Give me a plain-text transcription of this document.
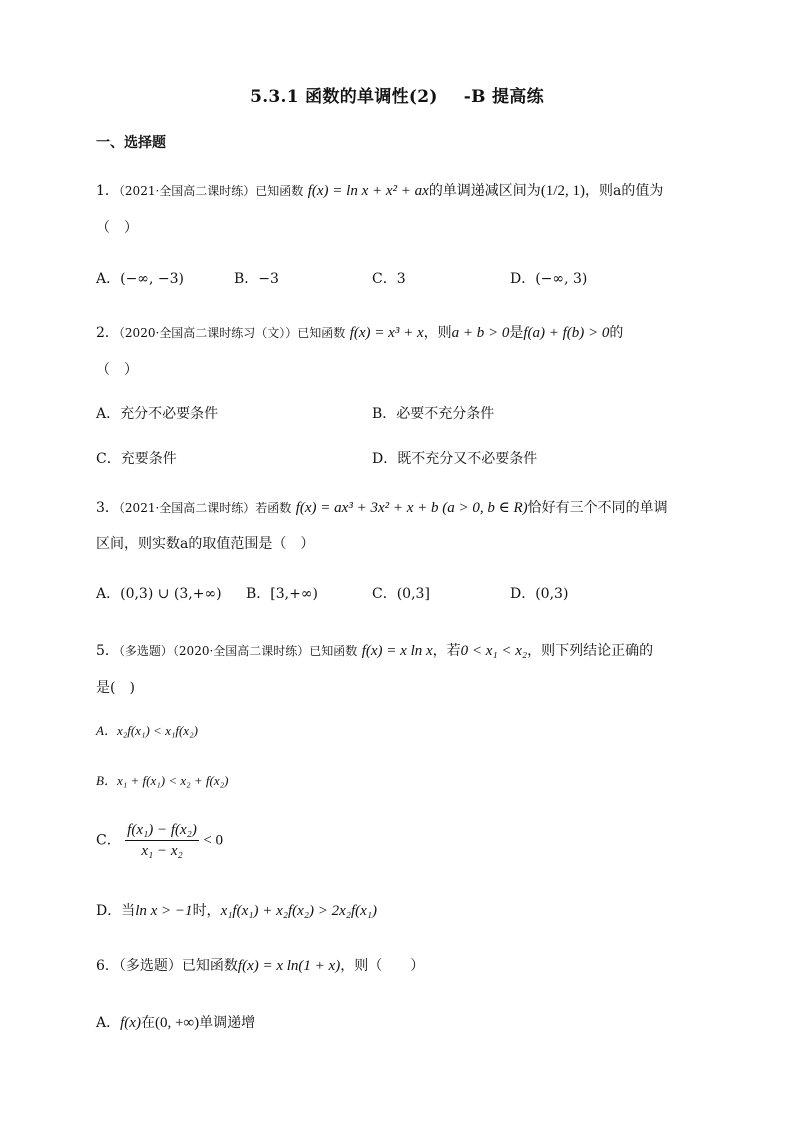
5.3.1 函数的单调性(2) -B 提高练
一、选择题
1．（2021·全国高二课时练）已知函数 f(x) = ln x + x² + ax的单调递减区间为(1/2, 1)，则a的值为
（　）
A．(−∞, −3)	B．−3	C．3	D．(−∞, 3)
2．（2020·全国高二课时练习（文））已知函数 f(x) = x³ + x，则a + b > 0是f(a) + f(b) > 0的
（　）
A．充分不必要条件	B．必要不充分条件
C．充要条件	D．既不充分又不必要条件
3．（2021·全国高二课时练）若函数 f(x) = ax³ + 3x² + x + b (a > 0, b ∈ R)恰好有三个不同的单调
区间，则实数a的取值范围是（　）
A．(0,3) ∪ (3,+∞) B．[3,+∞)	C．(0,3]	D．(0,3)
5．（多选题）（2020·全国高二课时练）已知函数 f(x) = x ln x，若0 < x₁ < x₂，则下列结论正确的
是(　)
A．x₂f(x₁) < x₁f(x₂)
B．x₁ + f(x₁) < x₂ + f(x₂)
C． $\frac{\text{f(x₁) − f(x₂)}}{\text{x₁ − x₂}} < 0$
D．当ln x > −1时，x₁f(x₁) + x₂f(x₂) > 2x₂f(x₁)
6．（多选题）已知函数f(x) = x ln(1 + x)，则（　　）
A．f(x)在(0, +∞)单调递增
